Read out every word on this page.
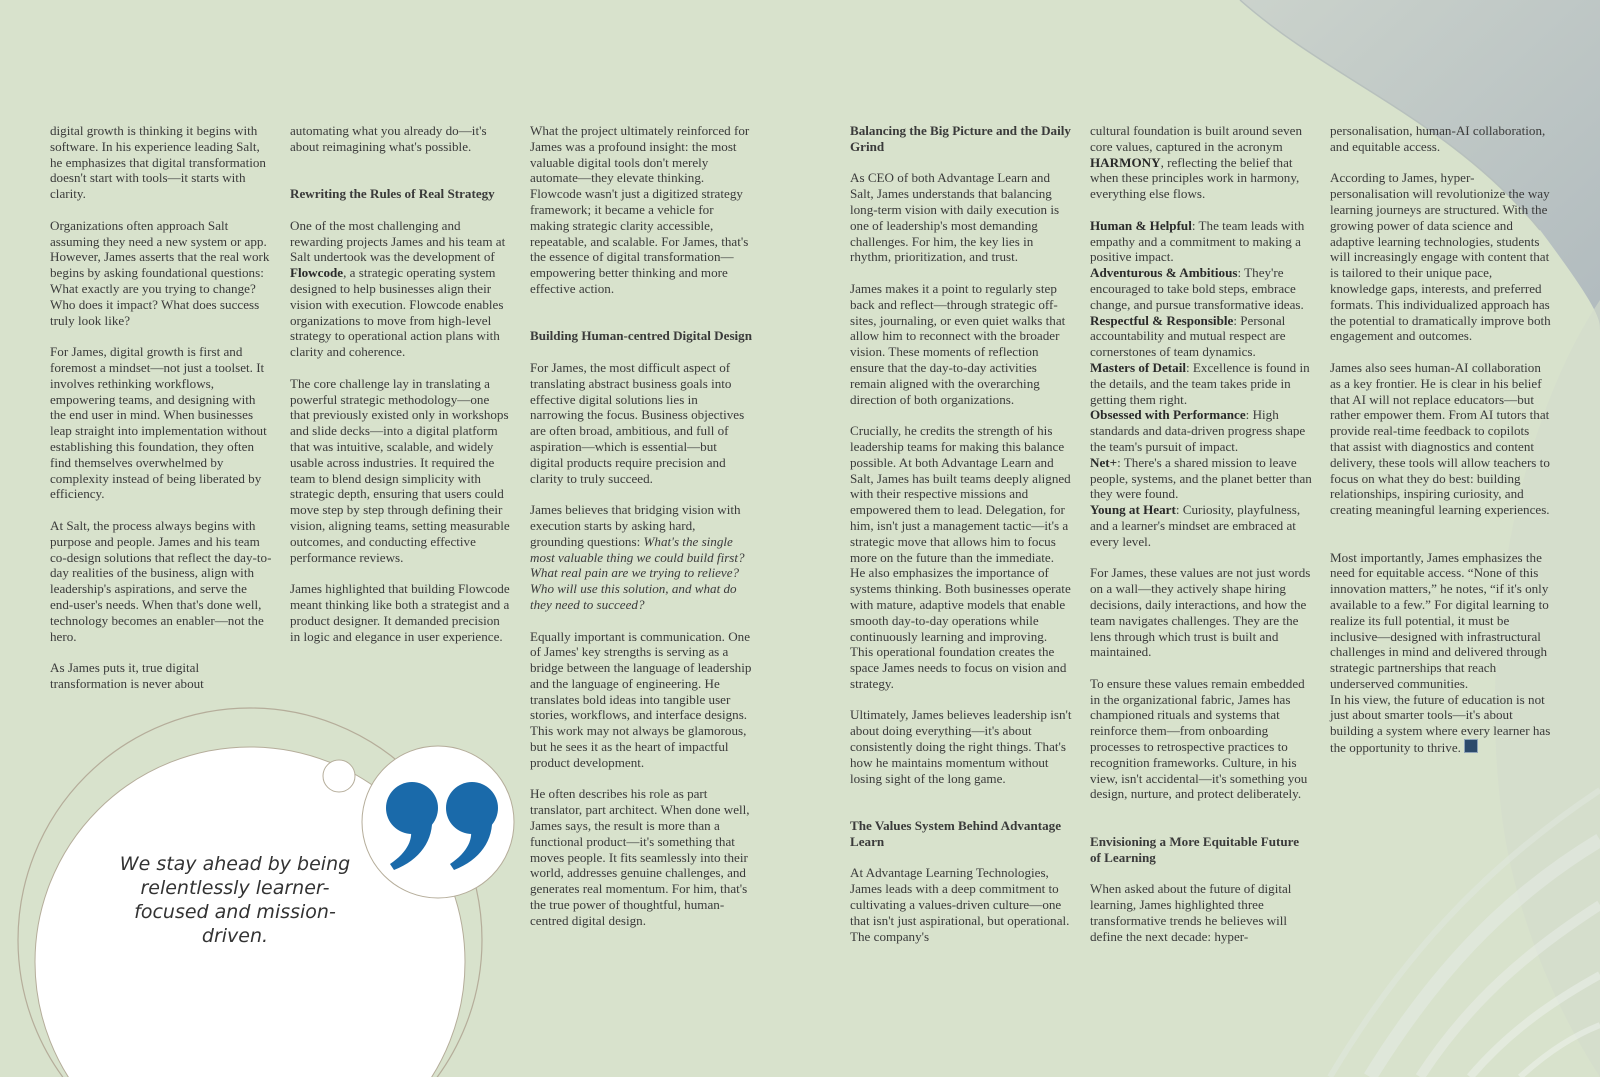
We stay ahead by being relentlessly learner-focused and mission-driven.

digital growth is thinking it begins with software. In his experience leading Salt, he emphasizes that digital transformation doesn't start with tools—it starts with clarity.

Organizations often approach Salt assuming they need a new system or app. However, James asserts that the real work begins by asking foundational questions: What exactly are you trying to change? Who does it impact? What does success truly look like?

For James, digital growth is first and foremost a mindset—not just a toolset. It involves rethinking workflows, empowering teams, and designing with the end user in mind. When businesses leap straight into implementation without establishing this foundation, they often find themselves overwhelmed by complexity instead of being liberated by efficiency.

At Salt, the process always begins with purpose and people. James and his team co-design solutions that reflect the day-to-day realities of the business, align with leadership's aspirations, and serve the end-user's needs. When that's done well, technology becomes an enabler—not the hero.

As James puts it, true digital transformation is never about

automating what you already do—it's about reimagining what's possible.

Rewriting the Rules of Real Strategy

One of the most challenging and rewarding projects James and his team at Salt undertook was the development of Flowcode, a strategic operating system designed to help businesses align their vision with execution. Flowcode enables organizations to move from high-level strategy to operational action plans with clarity and coherence.

The core challenge lay in translating a powerful strategic methodology—one that previously existed only in workshops and slide decks—into a digital platform that was intuitive, scalable, and widely usable across industries. It required the team to blend design simplicity with strategic depth, ensuring that users could move step by step through defining their vision, aligning teams, setting measurable outcomes, and conducting effective performance reviews.

James highlighted that building Flowcode meant thinking like both a strategist and a product designer. It demanded precision in logic and elegance in user experience.

What the project ultimately reinforced for James was a profound insight: the most valuable digital tools don't merely automate—they elevate thinking. Flowcode wasn't just a digitized strategy framework; it became a vehicle for making strategic clarity accessible, repeatable, and scalable. For James, that's the essence of digital transformation—empowering better thinking and more effective action.

Building Human-centred Digital Design

For James, the most difficult aspect of translating abstract business goals into effective digital solutions lies in narrowing the focus. Business objectives are often broad, ambitious, and full of aspiration—which is essential—but digital products require precision and clarity to truly succeed.

James believes that bridging vision with execution starts by asking hard, grounding questions: What's the single most valuable thing we could build first? What real pain are we trying to relieve? Who will use this solution, and what do they need to succeed?

Equally important is communication. One of James' key strengths is serving as a bridge between the language of leadership and the language of engineering. He translates bold ideas into tangible user stories, workflows, and interface designs. This work may not always be glamorous, but he sees it as the heart of impactful product development.

He often describes his role as part translator, part architect. When done well, James says, the result is more than a functional product—it's something that moves people. It fits seamlessly into their world, addresses genuine challenges, and generates real momentum. For him, that's the true power of thoughtful, human-centred digital design.

Balancing the Big Picture and the Daily Grind

As CEO of both Advantage Learn and Salt, James understands that balancing long-term vision with daily execution is one of leadership's most demanding challenges. For him, the key lies in rhythm, prioritization, and trust.

James makes it a point to regularly step back and reflect—through strategic off-sites, journaling, or even quiet walks that allow him to reconnect with the broader vision. These moments of reflection ensure that the day-to-day activities remain aligned with the overarching direction of both organizations.

Crucially, he credits the strength of his leadership teams for making this balance possible. At both Advantage Learn and Salt, James has built teams deeply aligned with their respective missions and empowered them to lead. Delegation, for him, isn't just a management tactic—it's a strategic move that allows him to focus more on the future than the immediate.

He also emphasizes the importance of systems thinking. Both businesses operate with mature, adaptive models that enable smooth day-to-day operations while continuously learning and improving. This operational foundation creates the space James needs to focus on vision and strategy.

Ultimately, James believes leadership isn't about doing everything—it's about consistently doing the right things. That's how he maintains momentum without losing sight of the long game.

The Values System Behind Advantage Learn

At Advantage Learning Technologies, James leads with a deep commitment to cultivating a values-driven culture—one that isn't just aspirational, but operational. The company's

cultural foundation is built around seven core values, captured in the acronym HARMONY, reflecting the belief that when these principles work in harmony, everything else flows.

Human & Helpful: The team leads with empathy and a commitment to making a positive impact.
Adventurous & Ambitious: They're encouraged to take bold steps, embrace change, and pursue transformative ideas.
Respectful & Responsible: Personal accountability and mutual respect are cornerstones of team dynamics.
Masters of Detail: Excellence is found in the details, and the team takes pride in getting them right.
Obsessed with Performance: High standards and data-driven progress shape the team's pursuit of impact.
Net+: There's a shared mission to leave people, systems, and the planet better than they were found.
Young at Heart: Curiosity, playfulness, and a learner's mindset are embraced at every level.

For James, these values are not just words on a wall—they actively shape hiring decisions, daily interactions, and how the team navigates challenges. They are the lens through which trust is built and maintained.

To ensure these values remain embedded in the organizational fabric, James has championed rituals and systems that reinforce them—from onboarding processes to retrospective practices to recognition frameworks. Culture, in his view, isn't accidental—it's something you design, nurture, and protect deliberately.

Envisioning a More Equitable Future of Learning

When asked about the future of digital learning, James highlighted three transformative trends he believes will define the next decade: hyper-

personalisation, human-AI collaboration, and equitable access.

According to James, hyper-personalisation will revolutionize the way learning journeys are structured. With the growing power of data science and adaptive learning technologies, students will increasingly engage with content that is tailored to their unique pace, knowledge gaps, interests, and preferred formats. This individualized approach has the potential to dramatically improve both engagement and outcomes.

James also sees human-AI collaboration as a key frontier. He is clear in his belief that AI will not replace educators—but rather empower them. From AI tutors that provide real-time feedback to copilots that assist with diagnostics and content delivery, these tools will allow teachers to focus on what they do best: building relationships, inspiring curiosity, and creating meaningful learning experiences.

Most importantly, James emphasizes the need for equitable access. “None of this innovation matters,” he notes, “if it's only available to a few.” For digital learning to realize its full potential, it must be inclusive—designed with infrastructural challenges in mind and delivered through strategic partnerships that reach underserved communities.

In his view, the future of education is not just about smarter tools—it's about building a system where every learner has the opportunity to thrive.
